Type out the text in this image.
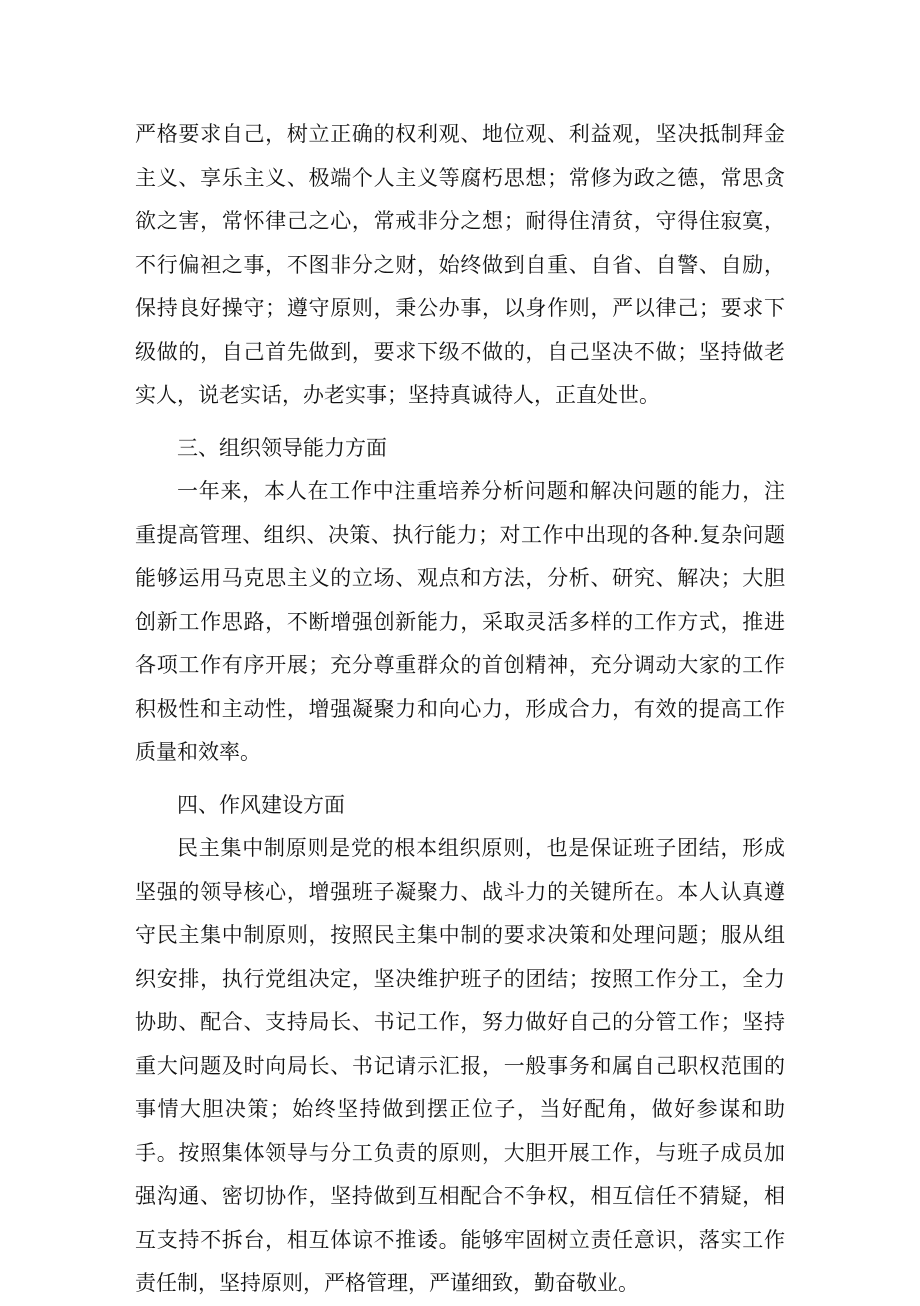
严格要求自己，树立正确的权利观、地位观、利益观，坚决抵制拜金主义、享乐主义、极端个人主义等腐朽思想；常修为政之德，常思贪欲之害，常怀律己之心，常戒非分之想；耐得住清贫，守得住寂寞，不行偏袒之事，不图非分之财，始终做到自重、自省、自警、自励，保持良好操守；遵守原则，秉公办事，以身作则，严以律己；要求下级做的，自己首先做到，要求下级不做的，自己坚决不做；坚持做老实人，说老实话，办老实事；坚持真诚待人，正直处世。

三、组织领导能力方面

一年来，本人在工作中注重培养分析问题和解决问题的能力，注重提高管理、组织、决策、执行能力；对工作中出现的各种.复杂问题能够运用马克思主义的立场、观点和方法，分析、研究、解决；大胆创新工作思路，不断增强创新能力，采取灵活多样的工作方式，推进各项工作有序开展；充分尊重群众的首创精神，充分调动大家的工作积极性和主动性，增强凝聚力和向心力，形成合力，有效的提高工作质量和效率。

四、作风建设方面

民主集中制原则是党的根本组织原则，也是保证班子团结，形成坚强的领导核心，增强班子凝聚力、战斗力的关键所在。本人认真遵守民主集中制原则，按照民主集中制的要求决策和处理问题；服从组织安排，执行党组决定，坚决维护班子的团结；按照工作分工，全力协助、配合、支持局长、书记工作，努力做好自己的分管工作；坚持重大问题及时向局长、书记请示汇报，一般事务和属自己职权范围的事情大胆决策；始终坚持做到摆正位子，当好配角，做好参谋和助手。按照集体领导与分工负责的原则，大胆开展工作，与班子成员加强沟通、密切协作，坚持做到互相配合不争权，相互信任不猜疑，相互支持不拆台，相互体谅不推诿。能够牢固树立责任意识，落实工作责任制，坚持原则，严格管理，严谨细致，勤奋敬业。
